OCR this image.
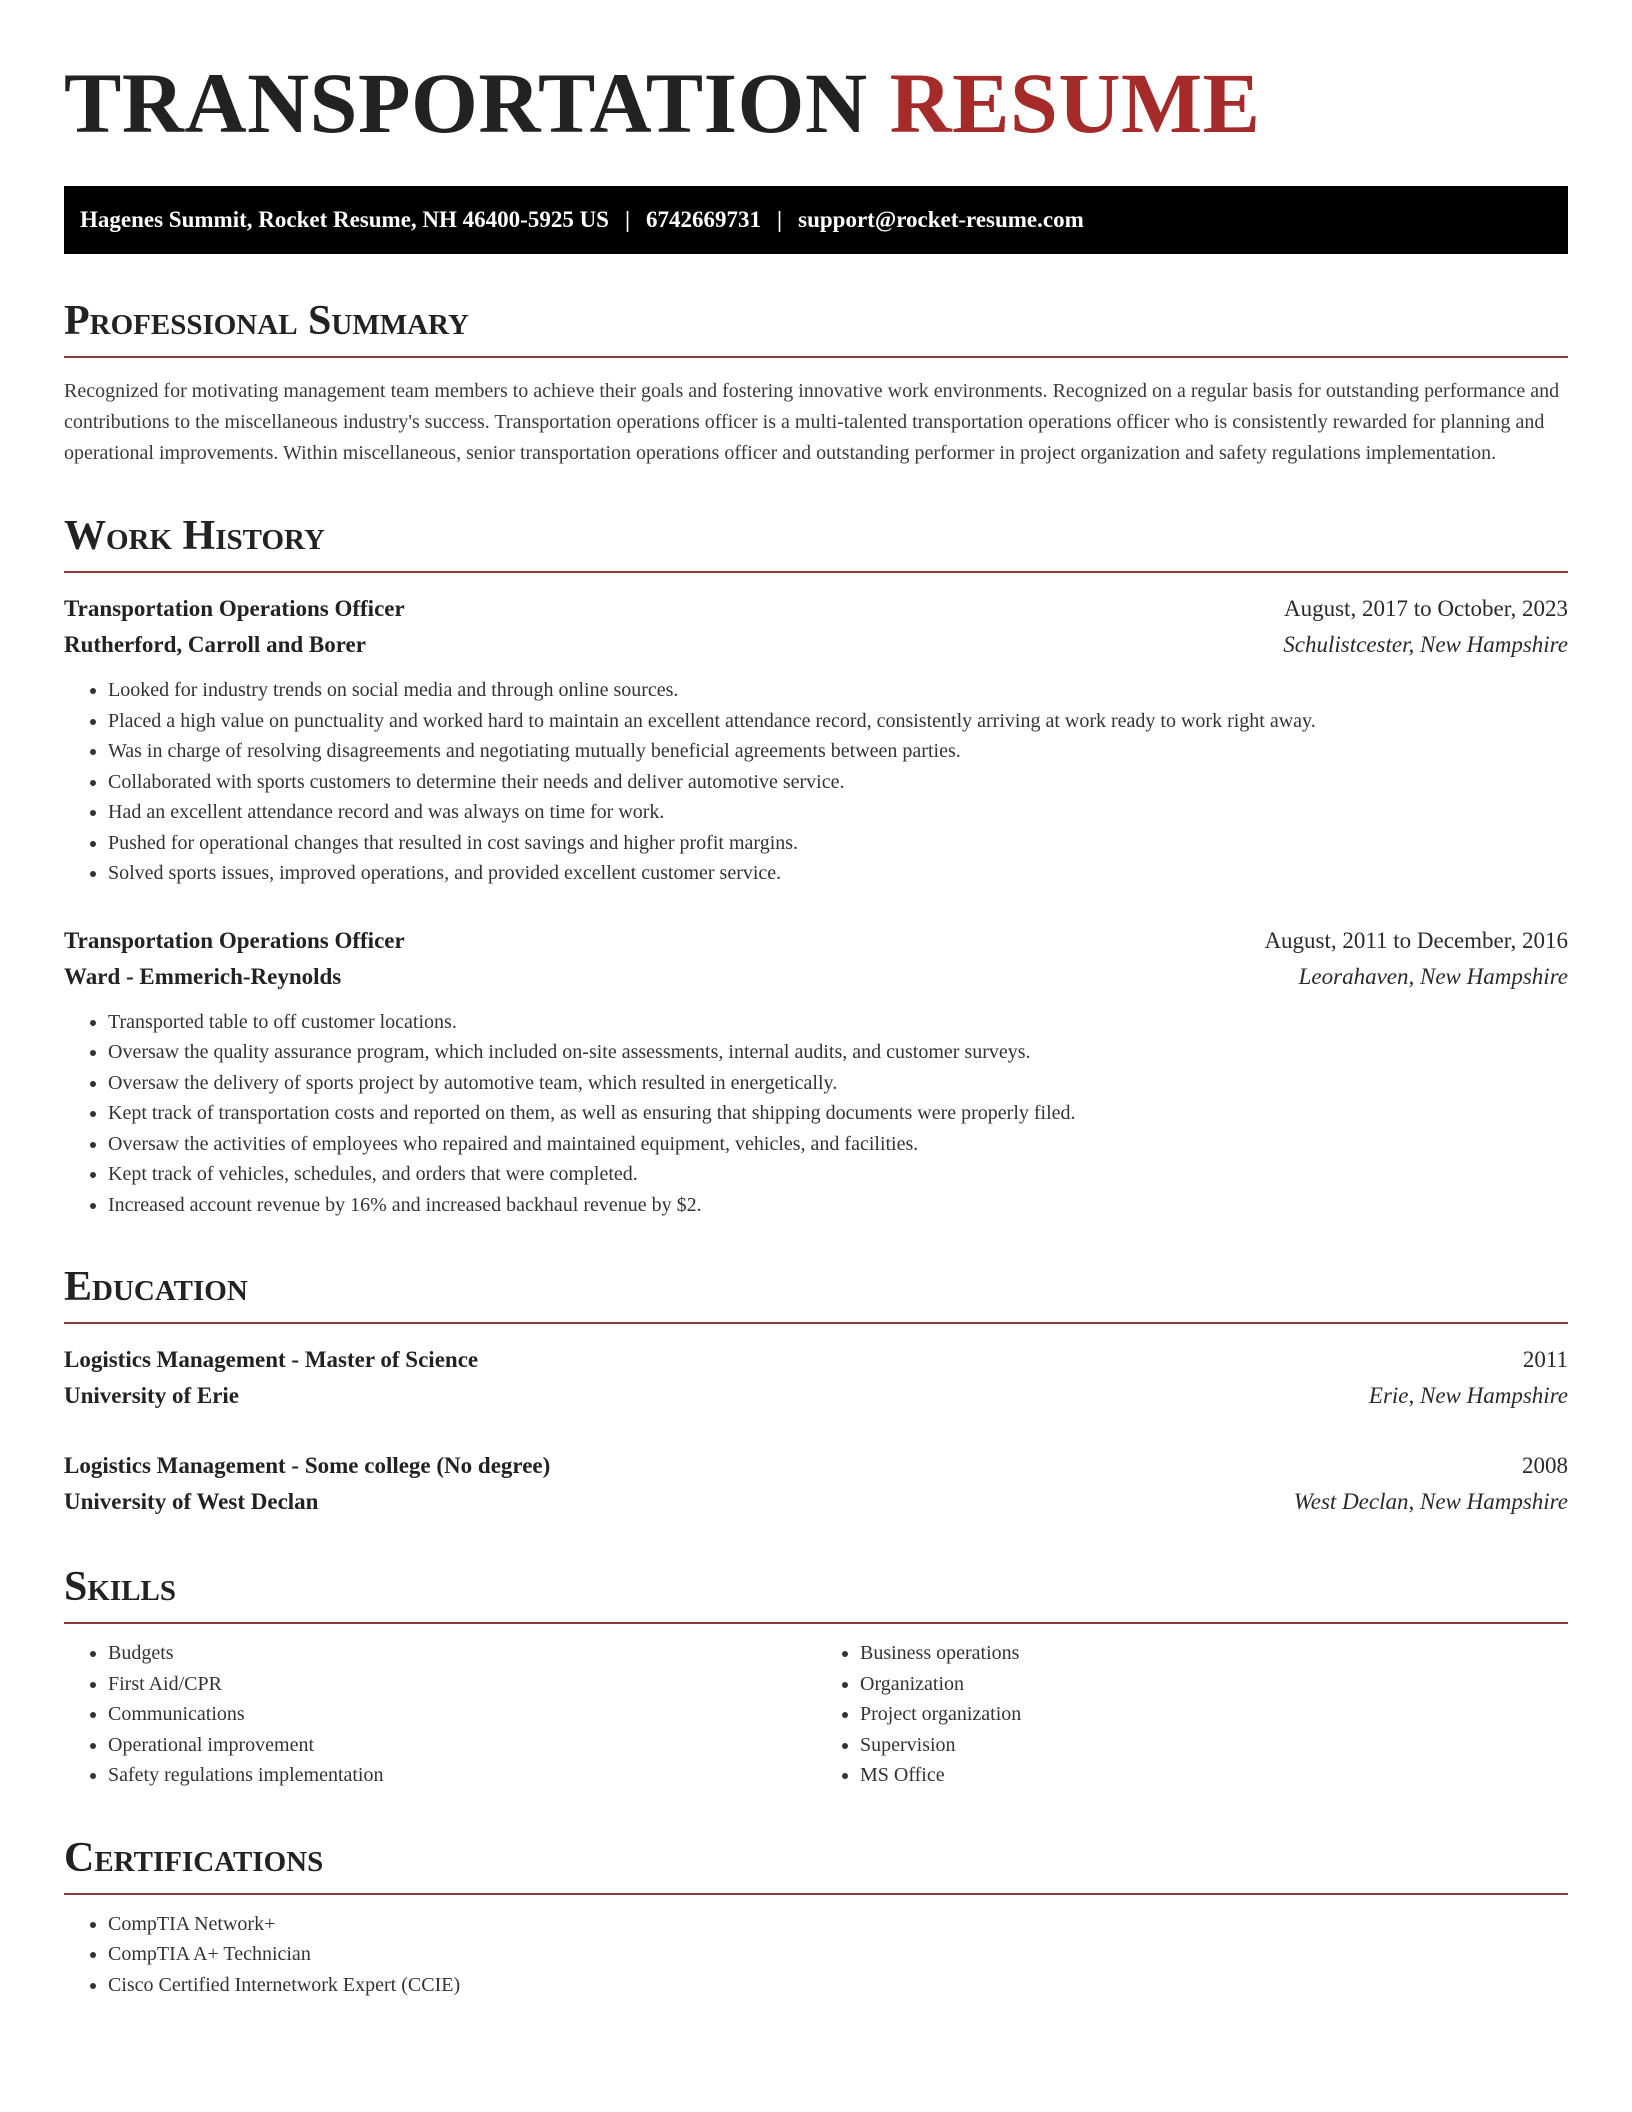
TRANSPORTATION RESUME
Hagenes Summit, Rocket Resume, NH 46400-5925 US | 6742669731 | support@rocket-resume.com
Professional Summary

Recognized for motivating management team members to achieve their goals and fostering innovative work environments. Recognized on a regular basis for outstanding performance and contributions to the miscellaneous industry's success. Transportation operations officer is a multi-talented transportation operations officer who is consistently rewarded for planning and operational improvements. Within miscellaneous, senior transportation operations officer and outstanding performer in project organization and safety regulations implementation.

Work History
Transportation Operations Officer	August, 2017 to October, 2023
Rutherford, Carroll and Borer	Schulistcester, New Hampshire
• Looked for industry trends on social media and through online sources.
• Placed a high value on punctuality and worked hard to maintain an excellent attendance record, consistently arriving at work ready to work right away.
• Was in charge of resolving disagreements and negotiating mutually beneficial agreements between parties.
• Collaborated with sports customers to determine their needs and deliver automotive service.
• Had an excellent attendance record and was always on time for work.
• Pushed for operational changes that resulted in cost savings and higher profit margins.
• Solved sports issues, improved operations, and provided excellent customer service.
Transportation Operations Officer	August, 2011 to December, 2016
Ward - Emmerich-Reynolds	Leorahaven, New Hampshire
• Transported table to off customer locations.
• Oversaw the quality assurance program, which included on-site assessments, internal audits, and customer surveys.
• Oversaw the delivery of sports project by automotive team, which resulted in energetically.
• Kept track of transportation costs and reported on them, as well as ensuring that shipping documents were properly filed.
• Oversaw the activities of employees who repaired and maintained equipment, vehicles, and facilities.
• Kept track of vehicles, schedules, and orders that were completed.
• Increased account revenue by 16% and increased backhaul revenue by $2.
Education
Logistics Management - Master of Science	2011
University of Erie	Erie, New Hampshire
Logistics Management - Some college (No degree)	2008
University of West Declan	West Declan, New Hampshire
Skills
• Budgets
• First Aid/CPR
• Communications
• Operational improvement
• Safety regulations implementation
• Business operations
• Organization
• Project organization
• Supervision
• MS Office
Certifications
• CompTIA Network+
• CompTIA A+ Technician
• Cisco Certified Internetwork Expert (CCIE)
